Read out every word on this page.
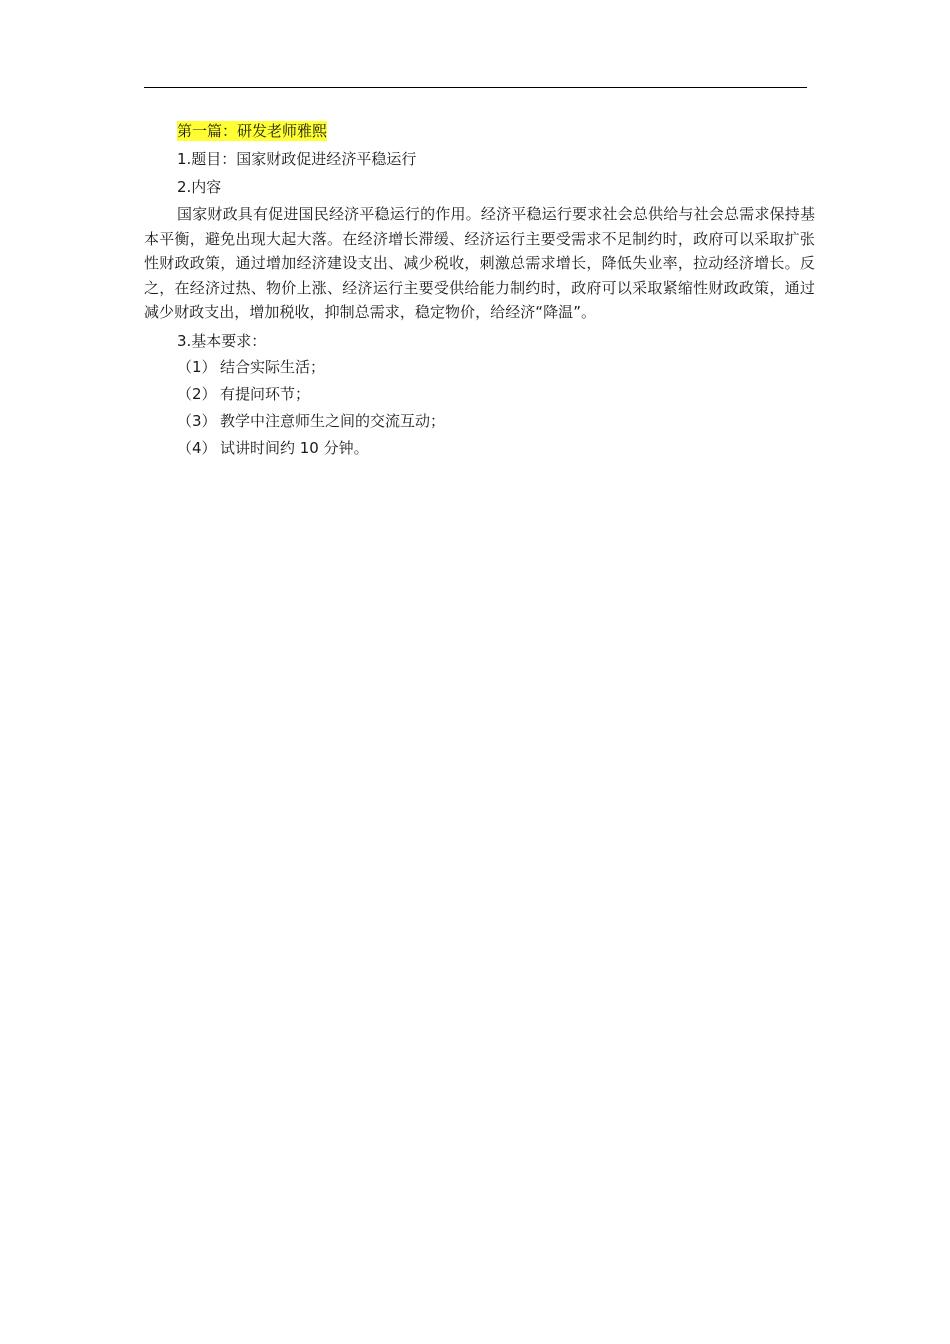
第一篇：研发老师雅熙

1.题目：国家财政促进经济平稳运行

2.内容

国家财政具有促进国民经济平稳运行的作用。经济平稳运行要求社会总供给与社会总需求保持基本平衡，避免出现大起大落。在经济增长滞缓、经济运行主要受需求不足制约时，政府可以采取扩张性财政政策，通过增加经济建设支出、减少税收，刺激总需求增长，降低失业率，拉动经济增长。反之，在经济过热、物价上涨、经济运行主要受供给能力制约时，政府可以采取紧缩性财政政策，通过减少财政支出，增加税收，抑制总需求，稳定物价，给经济“降温”。

3.基本要求：

（1） 结合实际生活；

（2） 有提问环节；

（3） 教学中注意师生之间的交流互动；

（4） 试讲时间约 10 分钟。
